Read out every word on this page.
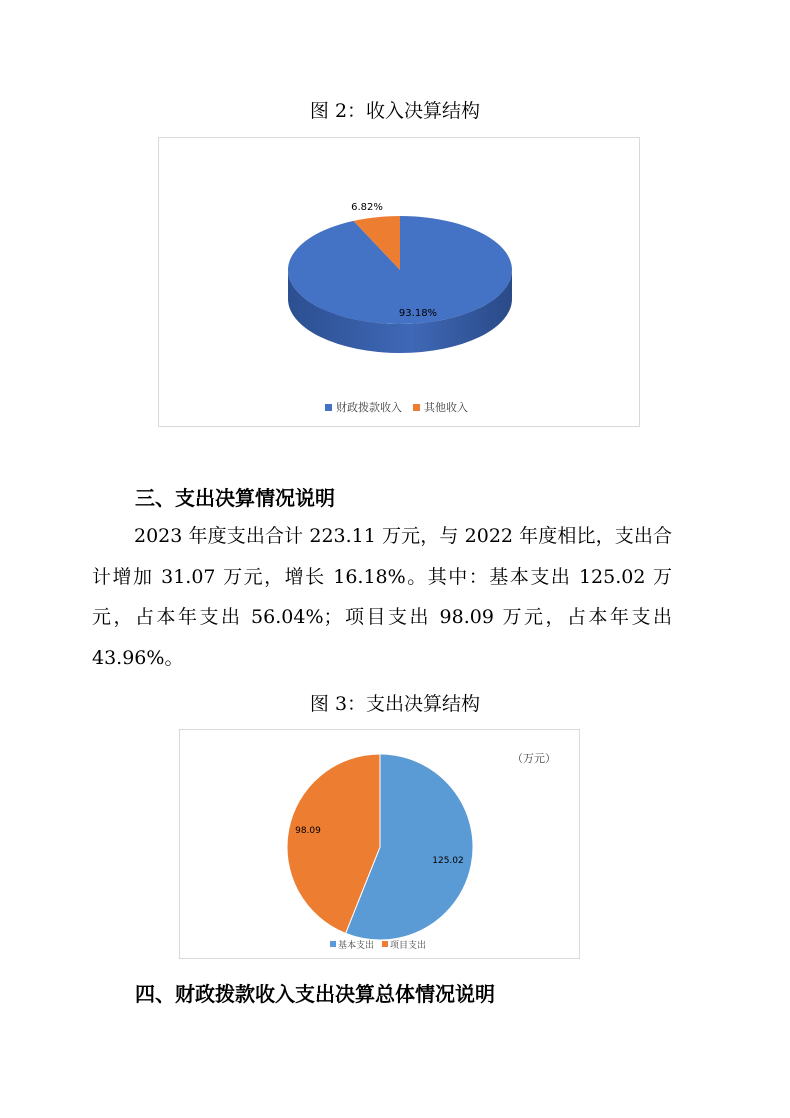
图 2：收入决算结构
93.18%
6.82%
财政拨款收入 其他收入
三、支出决算情况说明
2023 年度支出合计 223.11 万元，与 2022 年度相比，支出合计增加 31.07 万元，增长 16.18%。其中：基本支出 125.02 万元，占本年支出 56.04%；项目支出 98.09 万元，占本年支出 43.96%。
图 3：支出决算结构
（万元）
125.02
98.09
基本支出 项目支出
四、财政拨款收入支出决算总体情况说明
